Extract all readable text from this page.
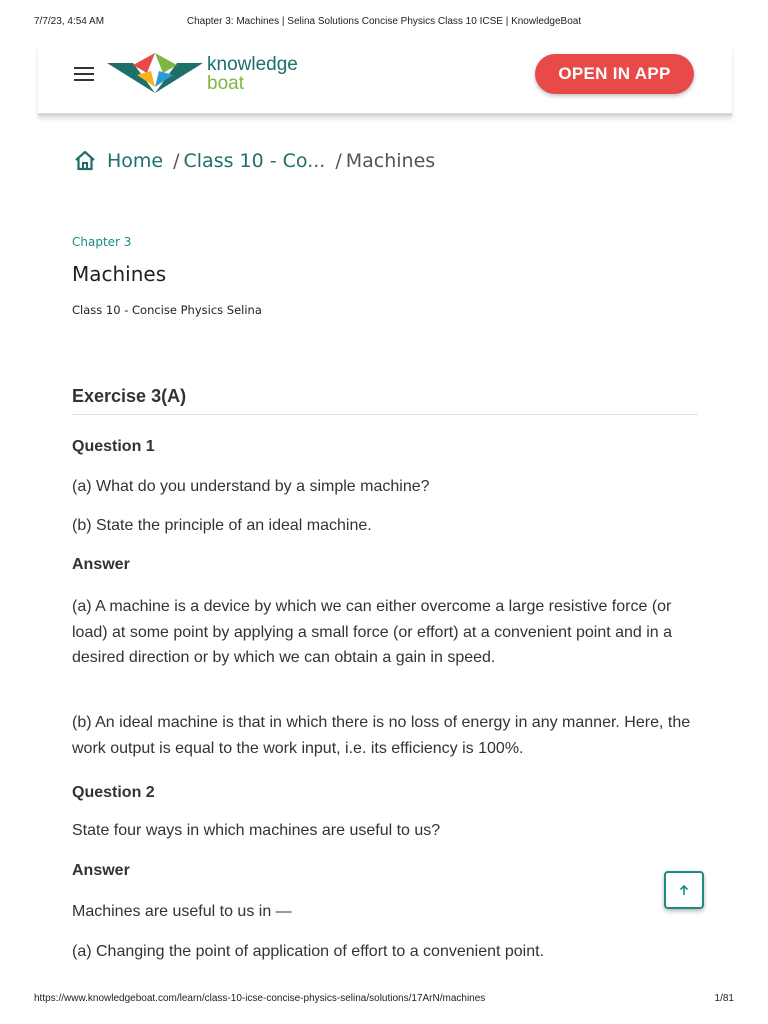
7/7/23, 4:54 AM	Chapter 3: Machines | Selina Solutions Concise Physics Class 10 ICSE | KnowledgeBoat
knowledge
boat	OPEN IN APP
Home / Class 10 - Co... / Machines
Chapter 3
Machines
Class 10 - Concise Physics Selina
Exercise 3(A)

Question 1

(a) What do you understand by a simple machine?

(b) State the principle of an ideal machine.

Answer

(a) A machine is a device by which we can either overcome a large resistive force (or load) at some point by applying a small force (or effort) at a convenient point and in a desired direction or by which we can obtain a gain in speed.

(b) An ideal machine is that in which there is no loss of energy in any manner. Here, the work output is equal to the work input, i.e. its efficiency is 100%.

Question 2

State four ways in which machines are useful to us?

Answer

Machines are useful to us in —

(a) Changing the point of application of effort to a convenient point.

https://www.knowledgeboat.com/learn/class-10-icse-concise-physics-selina/solutions/17ArN/machines	1/81
